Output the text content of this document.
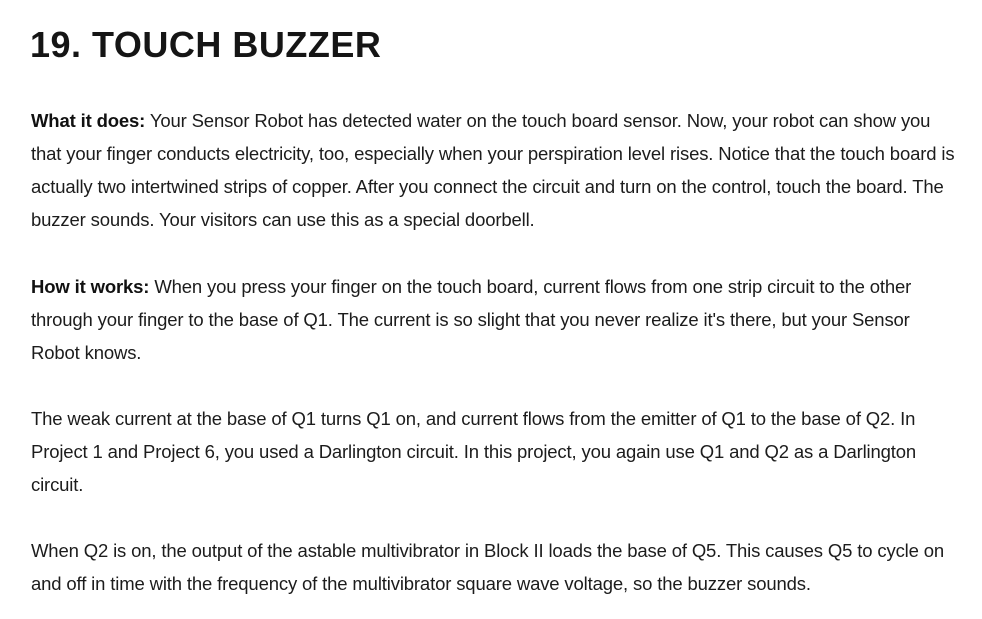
19. TOUCH BUZZER

What it does: Your Sensor Robot has detected water on the touch board sensor. Now, your robot can show you that your finger conducts electricity, too, especially when your perspiration level rises. Notice that the touch board is actually two intertwined strips of copper. After you connect the circuit and turn on the control, touch the board. The buzzer sounds. Your visitors can use this as a special doorbell.

How it works: When you press your finger on the touch board, current flows from one strip circuit to the other through your finger to the base of Q1. The current is so slight that you never realize it's there, but your Sensor Robot knows.

The weak current at the base of Q1 turns Q1 on, and current flows from the emitter of Q1 to the base of Q2. In Project 1 and Project 6, you used a Darlington circuit. In this project, you again use Q1 and Q2 as a Darlington circuit.

When Q2 is on, the output of the astable multivibrator in Block II loads the base of Q5. This causes Q5 to cycle on and off in time with the frequency of the multivibrator square wave voltage, so the buzzer sounds.
